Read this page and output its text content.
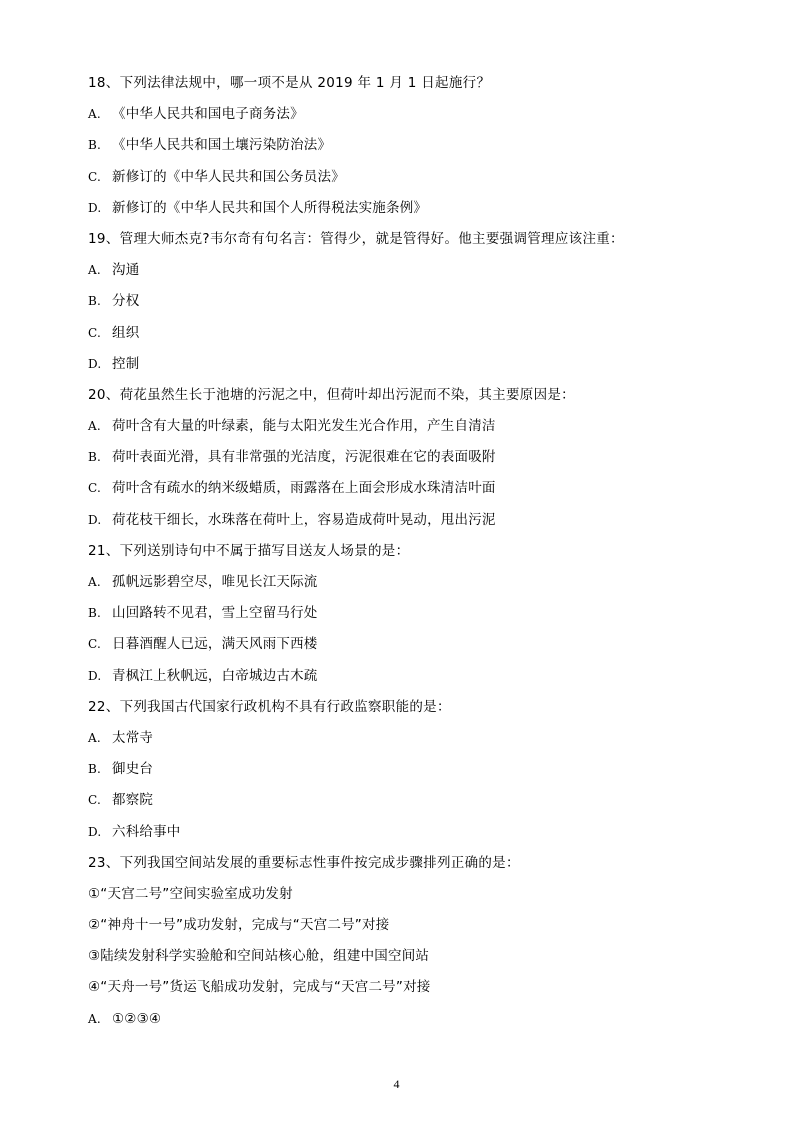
18、下列法律法规中，哪一项不是从 2019 年 1 月 1 日起施行？
A. 《中华人民共和国电子商务法》
B. 《中华人民共和国土壤污染防治法》
C. 新修订的《中华人民共和国公务员法》
D. 新修订的《中华人民共和国个人所得税法实施条例》
19、管理大师杰克?韦尔奇有句名言：管得少，就是管得好。他主要强调管理应该注重：
A. 沟通
B. 分权
C. 组织
D. 控制
20、荷花虽然生长于池塘的污泥之中，但荷叶却出污泥而不染，其主要原因是：
A. 荷叶含有大量的叶绿素，能与太阳光发生光合作用，产生自清洁
B. 荷叶表面光滑，具有非常强的光洁度，污泥很难在它的表面吸附
C. 荷叶含有疏水的纳米级蜡质，雨露落在上面会形成水珠清洁叶面
D. 荷花枝干细长，水珠落在荷叶上，容易造成荷叶晃动，甩出污泥
21、下列送别诗句中不属于描写目送友人场景的是：
A. 孤帆远影碧空尽，唯见长江天际流
B. 山回路转不见君，雪上空留马行处
C. 日暮酒醒人已远，满天风雨下西楼
D. 青枫江上秋帆远，白帝城边古木疏
22、下列我国古代国家行政机构不具有行政监察职能的是：
A. 太常寺
B. 御史台
C. 都察院
D. 六科给事中
23、下列我国空间站发展的重要标志性事件按完成步骤排列正确的是：
①“天宫二号”空间实验室成功发射
②“神舟十一号”成功发射，完成与“天宫二号”对接
③陆续发射科学实验舱和空间站核心舱，组建中国空间站
④“天舟一号”货运飞船成功发射，完成与“天宫二号”对接
A. ①②③④
4
